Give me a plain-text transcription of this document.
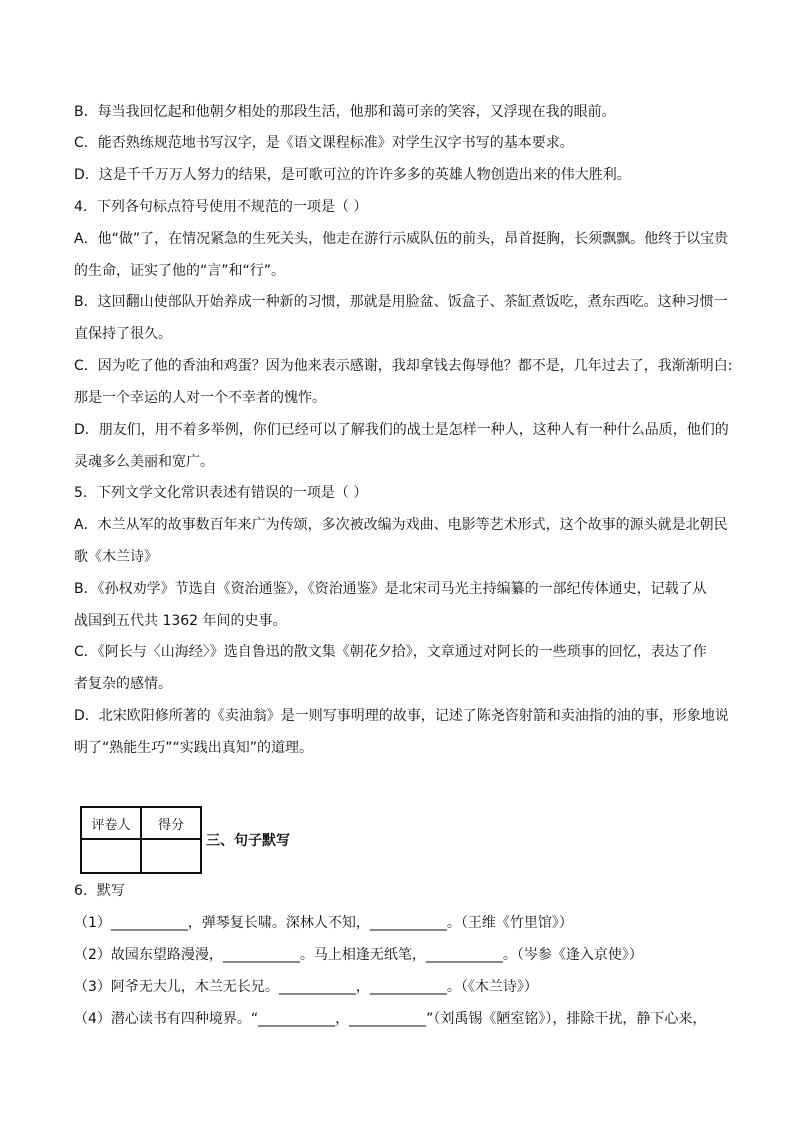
B．每当我回忆起和他朝夕相处的那段生活，他那和蔼可亲的笑容，又浮现在我的眼前。
C．能否熟练规范地书写汉字，是《语文课程标准》对学生汉字书写的基本要求。
D．这是千千万万人努力的结果，是可歌可泣的许许多多的英雄人物创造出来的伟大胜利。
4．下列各句标点符号使用不规范的一项是（ ）
A．他“做”了，在情况紧急的生死关头，他走在游行示威队伍的前头，昂首挺胸，长须飘飘。他终于以宝贵
的生命，证实了他的“言”和“行”。
B．这回翻山使部队开始养成一种新的习惯，那就是用脸盆、饭盒子、茶缸煮饭吃，煮东西吃。这种习惯一
直保持了很久。
C．因为吃了他的香油和鸡蛋？因为他来表示感谢，我却拿钱去侮辱他？都不是，几年过去了，我渐渐明白:
那是一个幸运的人对一个不幸者的愧怍。
D．朋友们，用不着多举例，你们已经可以了解我们的战士是怎样一种人，这种人有一种什么品质，他们的
灵魂多么美丽和宽广。
5．下列文学文化常识表述有错误的一项是（ ）
A．木兰从军的故事数百年来广为传颂，多次被改编为戏曲、电影等艺术形式，这个故事的源头就是北朝民
歌《木兰诗》
B．《孙权劝学》节选自《资治通鉴》，《资治通鉴》是北宋司马光主持编纂的一部纪传体通史，记载了从
战国到五代共 1362 年间的史事。
C．《阿长与〈山海经〉》选自鲁迅的散文集《朝花夕拾》，文章通过对阿长的一些琐事的回忆，表达了作
者复杂的感情。
D．北宋欧阳修所著的《卖油翁》是一则写事明理的故事，记述了陈尧咨射箭和卖油指的油的事，形象地说
明了“熟能生巧”“实践出真知”的道理。
评卷人	得分

三、句子默写
6．默写
（1）___________，弹琴复长啸。深林人不知，___________。（王维《竹里馆》）
（2）故园东望路漫漫，___________。马上相逢无纸笔，___________。（岑参《逢入京使》）
（3）阿爷无大儿，木兰无长兄。___________，___________。（《木兰诗》）
（4）潜心读书有四种境界。“___________，___________”（刘禹锡《陋室铭》），排除干扰，静下心来，
